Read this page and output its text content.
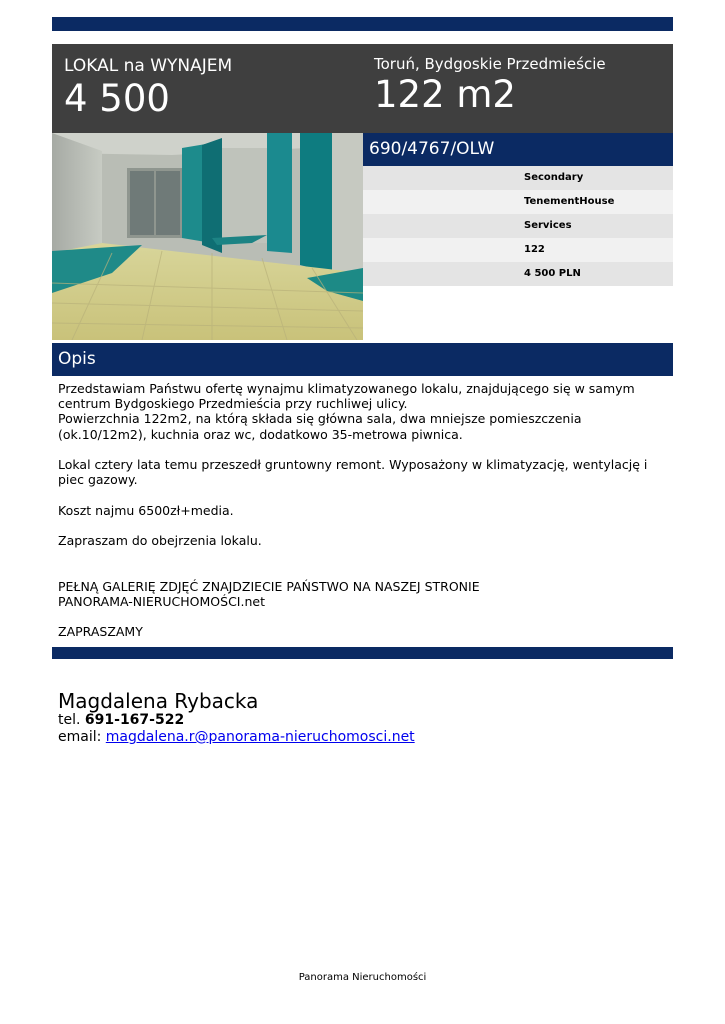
LOKAL na WYNAJEM
4 500
Toruń, Bydgoskie Przedmieście
122 m2
690/4767/OLW
Secondary
TenementHouse
Services
122
4 500 PLN
Opis

Przedstawiam Państwu ofertę wynajmu klimatyzowanego lokalu, znajdującego się w samym centrum Bydgoskiego Przedmieścia przy ruchliwej ulicy.

Powierzchnia 122m2, na którą składa się główna sala, dwa mniejsze pomieszczenia (ok.10/12m2), kuchnia oraz wc, dodatkowo 35-metrowa piwnica.

Lokal cztery lata temu przeszedł gruntowny remont. Wyposażony w klimatyzację, wentylację i piec gazowy.

Koszt najmu 6500zł+media.

Zapraszam do obejrzenia lokalu.

PEŁNĄ GALERIĘ ZDJĘĆ ZNAJDZIECIE PAŃSTWO NA NASZEJ STRONIE PANORAMA-NIERUCHOMOŚCI.net

ZAPRASZAMY

Magdalena Rybacka
tel. 691-167-522
email: magdalena.r@panorama-nieruchomosci.net
Panorama Nieruchomości
